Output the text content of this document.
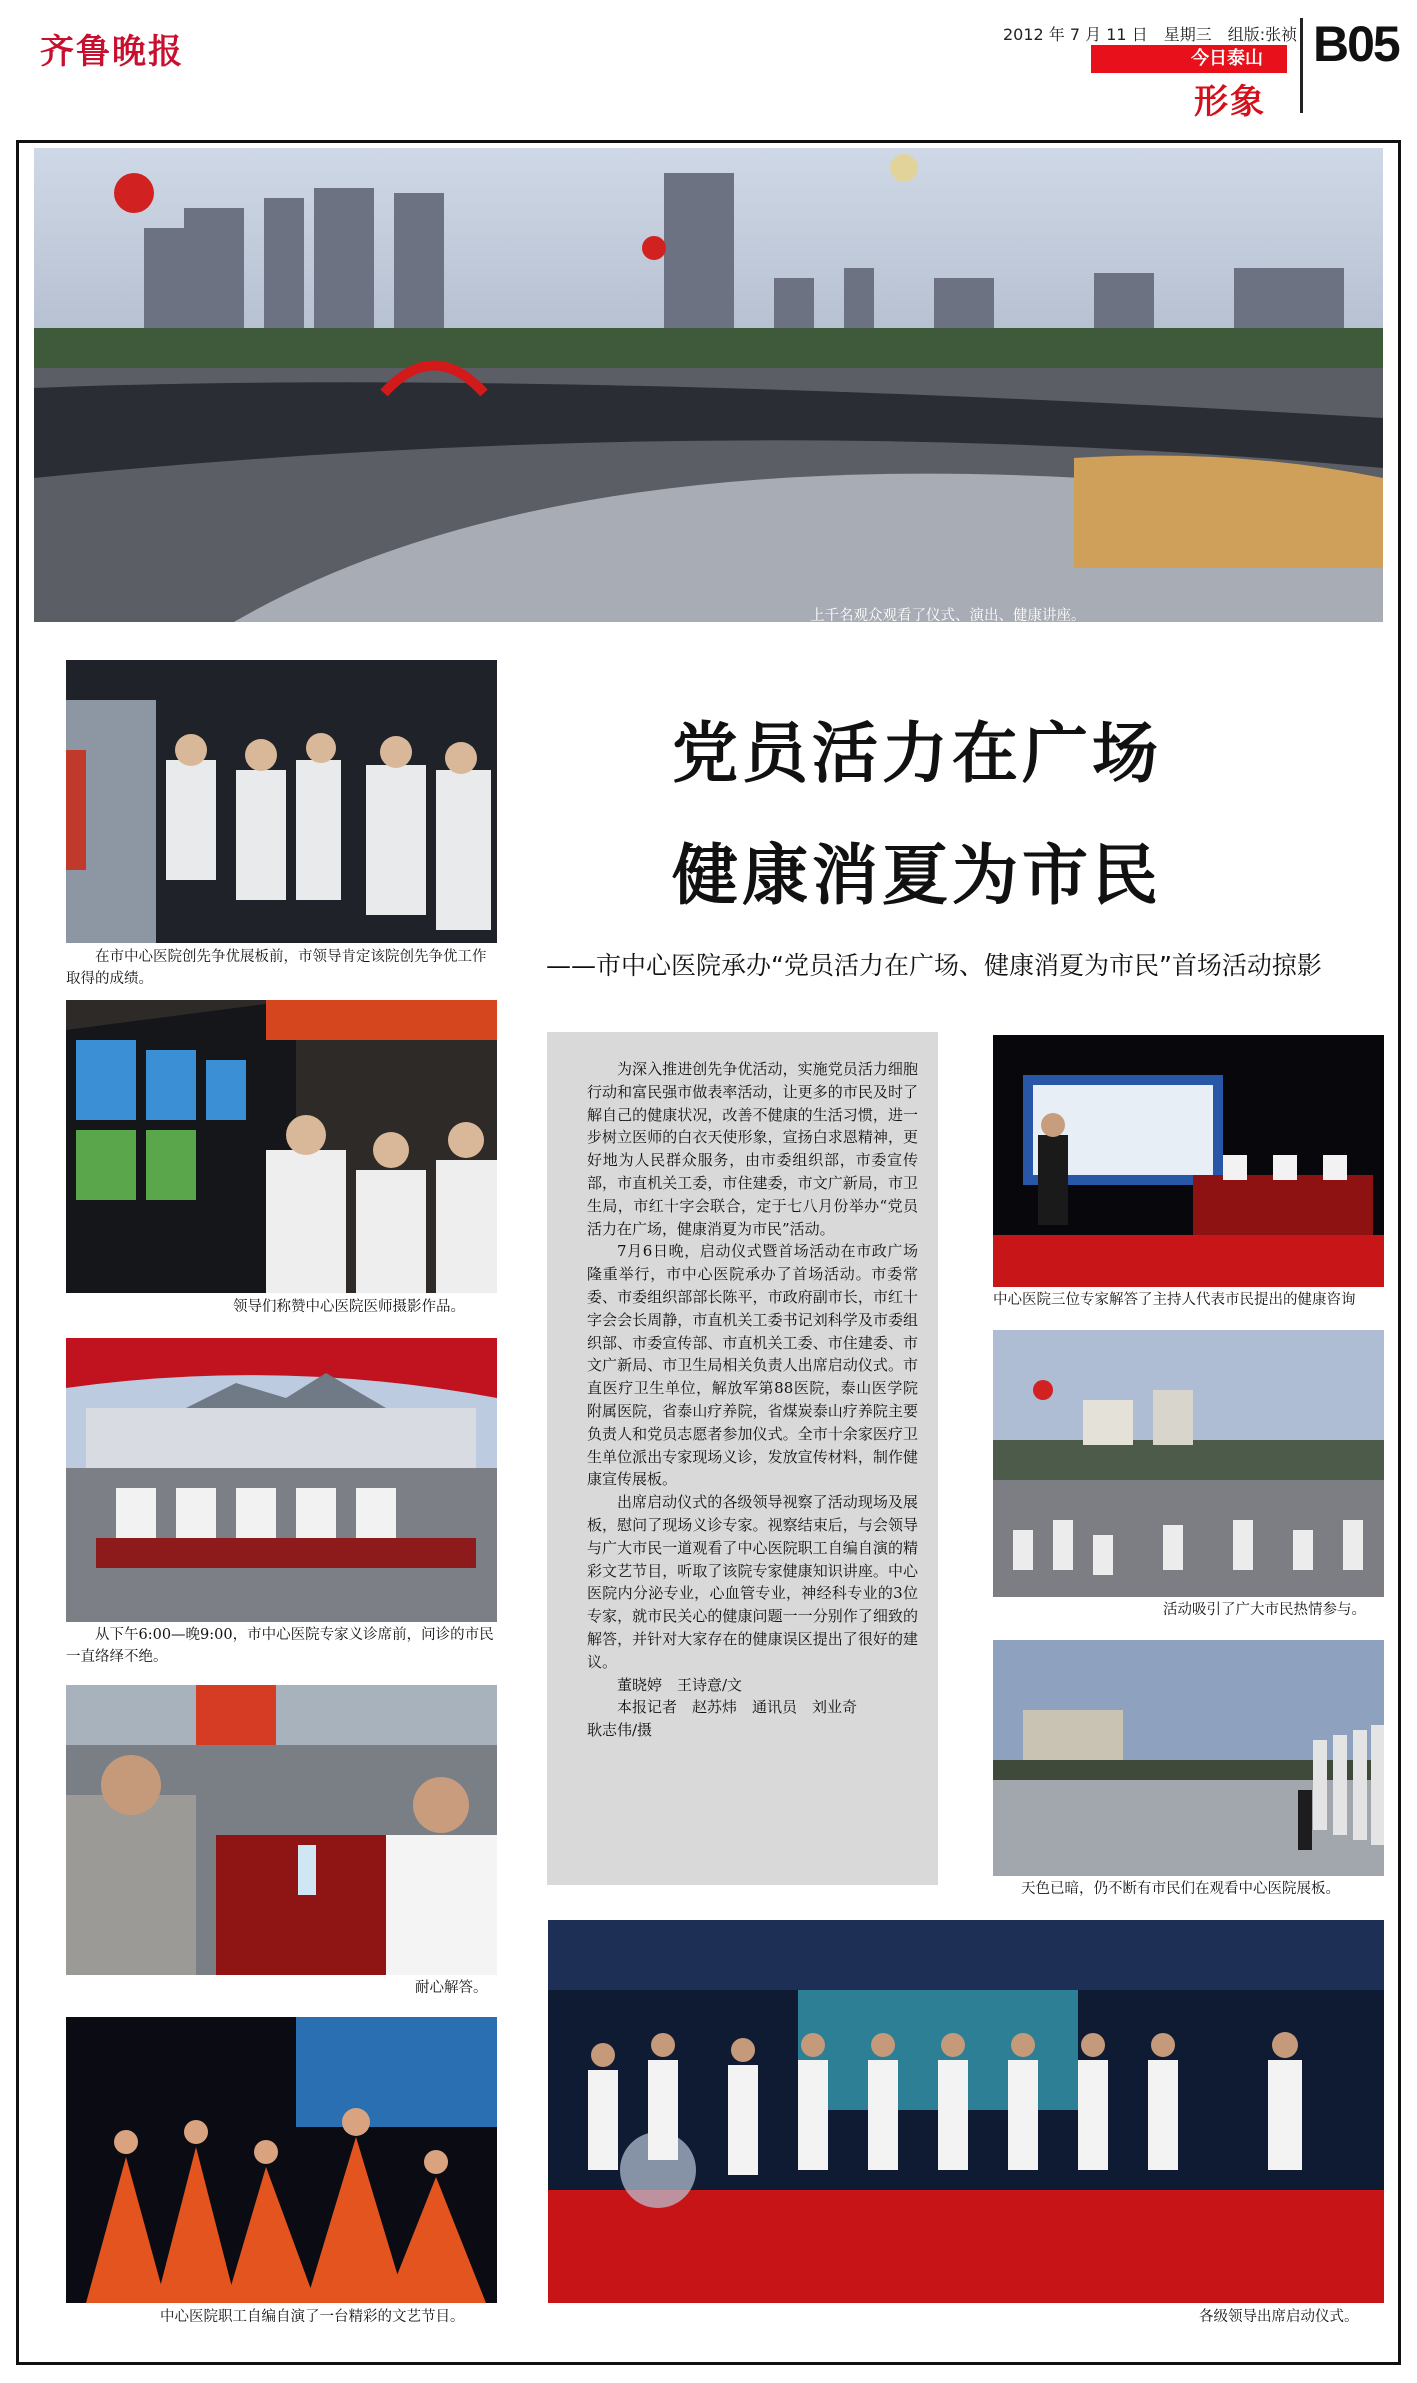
齐鲁晚报	2012 年 7 月 11 日　星期三　组版:张祯
今日泰山
形象
B05
上千名观众观看了仪式、演出、健康讲座。
在市中心医院创先争优展板前，市领导肯定该院创先争优工作取得的成绩。
领导们称赞中心医院医师摄影作品。
从下午6:00—晚9:00，市中心医院专家义诊席前，问诊的市民一直络绎不绝。
耐心解答。
中心医院职工自编自演了一台精彩的文艺节目。
党员活力在广场
健康消夏为市民
——市中心医院承办“党员活力在广场、健康消夏为市民”首场活动掠影

为深入推进创先争优活动，实施党员活力细胞行动和富民强市做表率活动，让更多的市民及时了解自己的健康状况，改善不健康的生活习惯，进一步树立医师的白衣天使形象，宣扬白求恩精神，更好地为人民群众服务，由市委组织部，市委宣传部，市直机关工委，市住建委，市文广新局，市卫生局，市红十字会联合，定于七八月份举办“党员活力在广场，健康消夏为市民”活动。

7月6日晚，启动仪式暨首场活动在市政广场隆重举行，市中心医院承办了首场活动。市委常委、市委组织部部长陈平，市政府副市长，市红十字会会长周静，市直机关工委书记刘科学及市委组织部、市委宣传部、市直机关工委、市住建委、市文广新局、市卫生局相关负责人出席启动仪式。市直医疗卫生单位，解放军第88医院，泰山医学院附属医院，省泰山疗养院，省煤炭泰山疗养院主要负责人和党员志愿者参加仪式。全市十余家医疗卫生单位派出专家现场义诊，发放宣传材料，制作健康宣传展板。

出席启动仪式的各级领导视察了活动现场及展板，慰问了现场义诊专家。视察结束后，与会领导与广大市民一道观看了中心医院职工自编自演的精彩文艺节目，听取了该院专家健康知识讲座。中心医院内分泌专业，心血管专业，神经科专业的3位专家，就市民关心的健康问题一一分别作了细致的解答，并针对大家存在的健康误区提出了很好的建议。

董晓婷　王诗意/文

本报记者　赵苏炜　通讯员　刘业奇

耿志伟/摄

中心医院三位专家解答了主持人代表市民提出的健康咨询
活动吸引了广大市民热情参与。
天色已暗，仍不断有市民们在观看中心医院展板。
各级领导出席启动仪式。
